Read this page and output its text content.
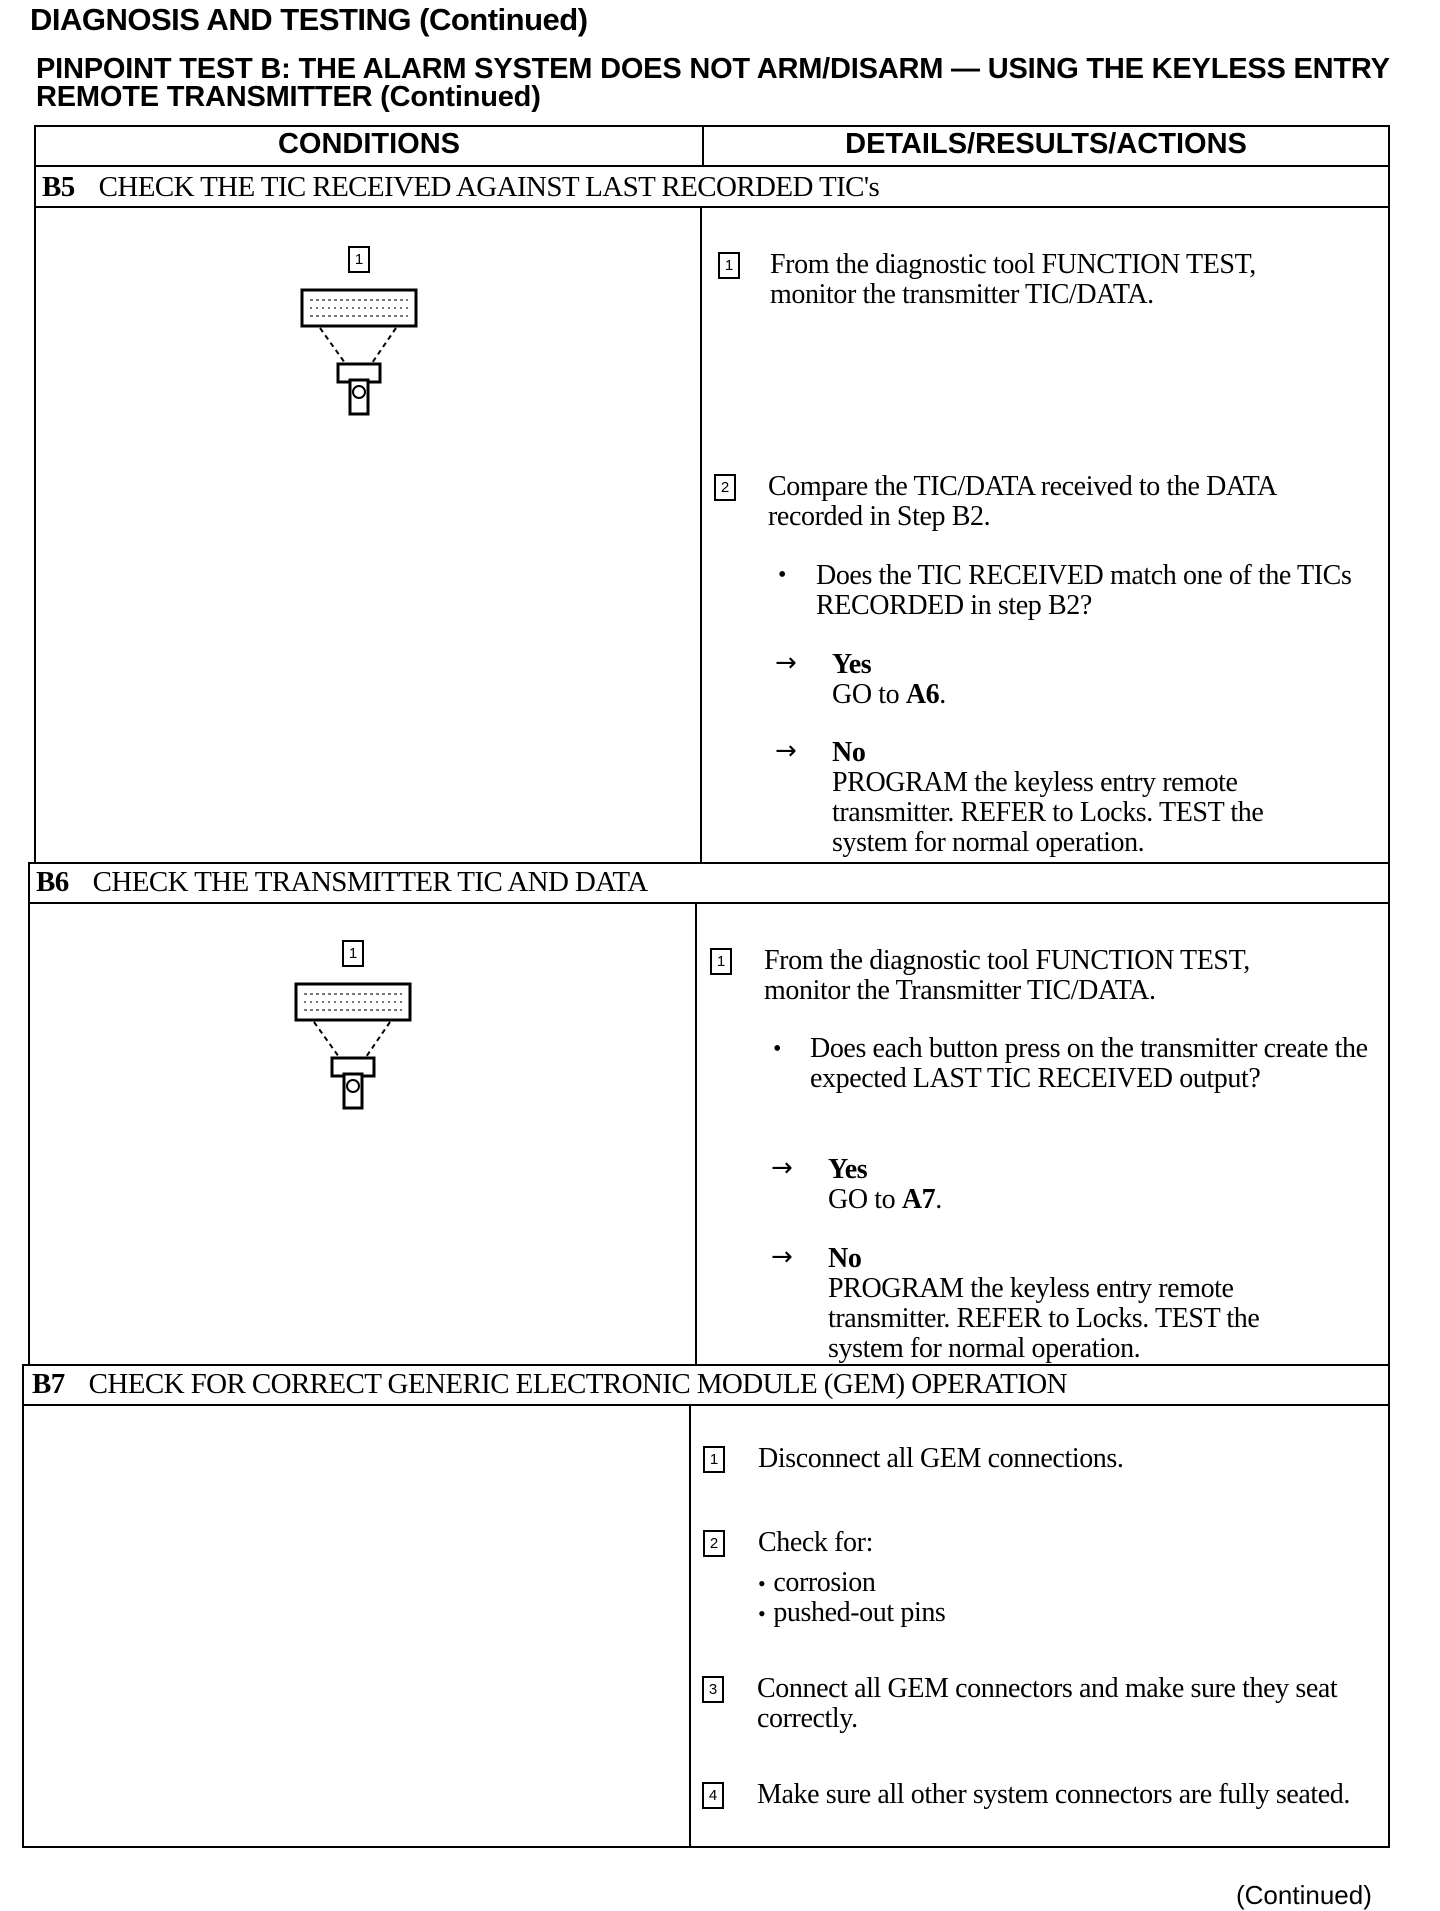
DIAGNOSIS AND TESTING (Continued)
PINPOINT TEST B: THE ALARM SYSTEM DOES NOT ARM/DISARM — USING THE KEYLESS ENTRY REMOTE TRANSMITTER (Continued)
CONDITIONS	DETAILS/RESULTS/ACTIONS
B5 CHECK THE TIC RECEIVED AGAINST LAST RECORDED TIC's
1	1 From the diagnostic tool FUNCTION TEST, monitor the transmitter TIC/DATA.
2 Compare the TIC/DATA received to the DATA recorded in Step B2.
• Does the TIC RECEIVED match one of the TICs RECORDED in step B2?
→ Yes
GO to A6.
→ No
PROGRAM the keyless entry remote transmitter. REFER to Locks. TEST the system for normal operation.
B6 CHECK THE TRANSMITTER TIC AND DATA
1	1 From the diagnostic tool FUNCTION TEST, monitor the Transmitter TIC/DATA.
• Does each button press on the transmitter create the expected LAST TIC RECEIVED output?
→ Yes
GO to A7.
→ No
PROGRAM the keyless entry remote transmitter. REFER to Locks. TEST the system for normal operation.
B7 CHECK FOR CORRECT GENERIC ELECTRONIC MODULE (GEM) OPERATION
1 Disconnect all GEM connections.
2 Check for:
• corrosion
• pushed-out pins
3 Connect all GEM connectors and make sure they seat correctly.
4 Make sure all other system connectors are fully seated.
(Continued)
